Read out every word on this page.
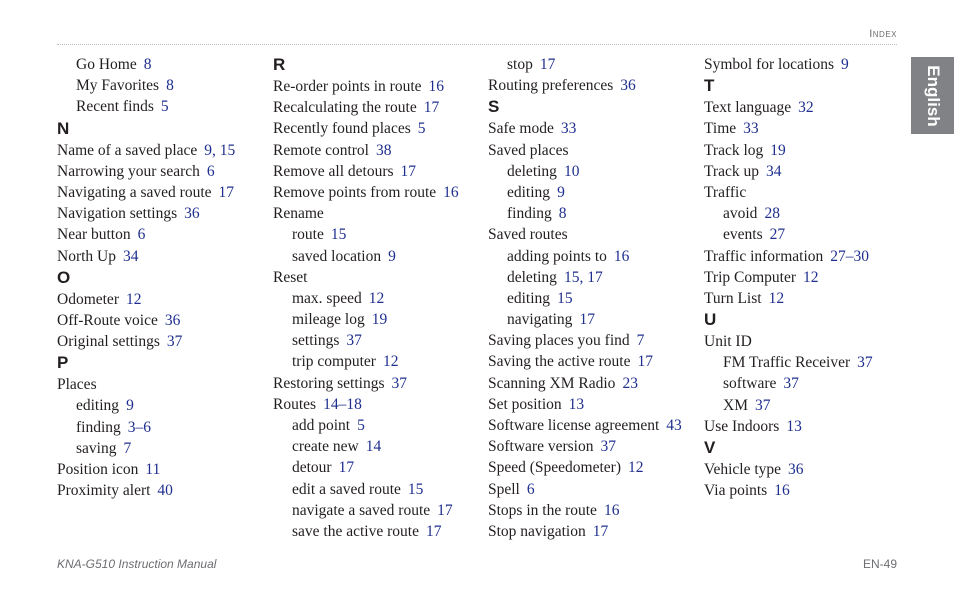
Index
English
Go Home 8
My Favorites 8
Recent finds 5
N
Name of a saved place 9, 15
Narrowing your search 6
Navigating a saved route 17
Navigation settings 36
Near button 6
North Up 34
O
Odometer 12
Off-Route voice 36
Original settings 37
P
Places
editing 9
finding 3–6
saving 7
Position icon 11
Proximity alert 40
R
Re-order points in route 16
Recalculating the route 17
Recently found places 5
Remote control 38
Remove all detours 17
Remove points from route 16
Rename
route 15
saved location 9
Reset
max. speed 12
mileage log 19
settings 37
trip computer 12
Restoring settings 37
Routes 14–18
add point 5
create new 14
detour 17
edit a saved route 15
navigate a saved route 17
save the active route 17
stop 17
Routing preferences 36
S
Safe mode 33
Saved places
deleting 10
editing 9
finding 8
Saved routes
adding points to 16
deleting 15, 17
editing 15
navigating 17
Saving places you find 7
Saving the active route 17
Scanning XM Radio 23
Set position 13
Software license agreement 43
Software version 37
Speed (Speedometer) 12
Spell 6
Stops in the route 16
Stop navigation 17
Symbol for locations 9
T
Text language 32
Time 33
Track log 19
Track up 34
Traffic
avoid 28
events 27
Traffic information 27–30
Trip Computer 12
Turn List 12
U
Unit ID
FM Traffic Receiver 37
software 37
XM 37
Use Indoors 13
V
Vehicle type 36
Via points 16
KNA-G510 Instruction Manual	EN-49
